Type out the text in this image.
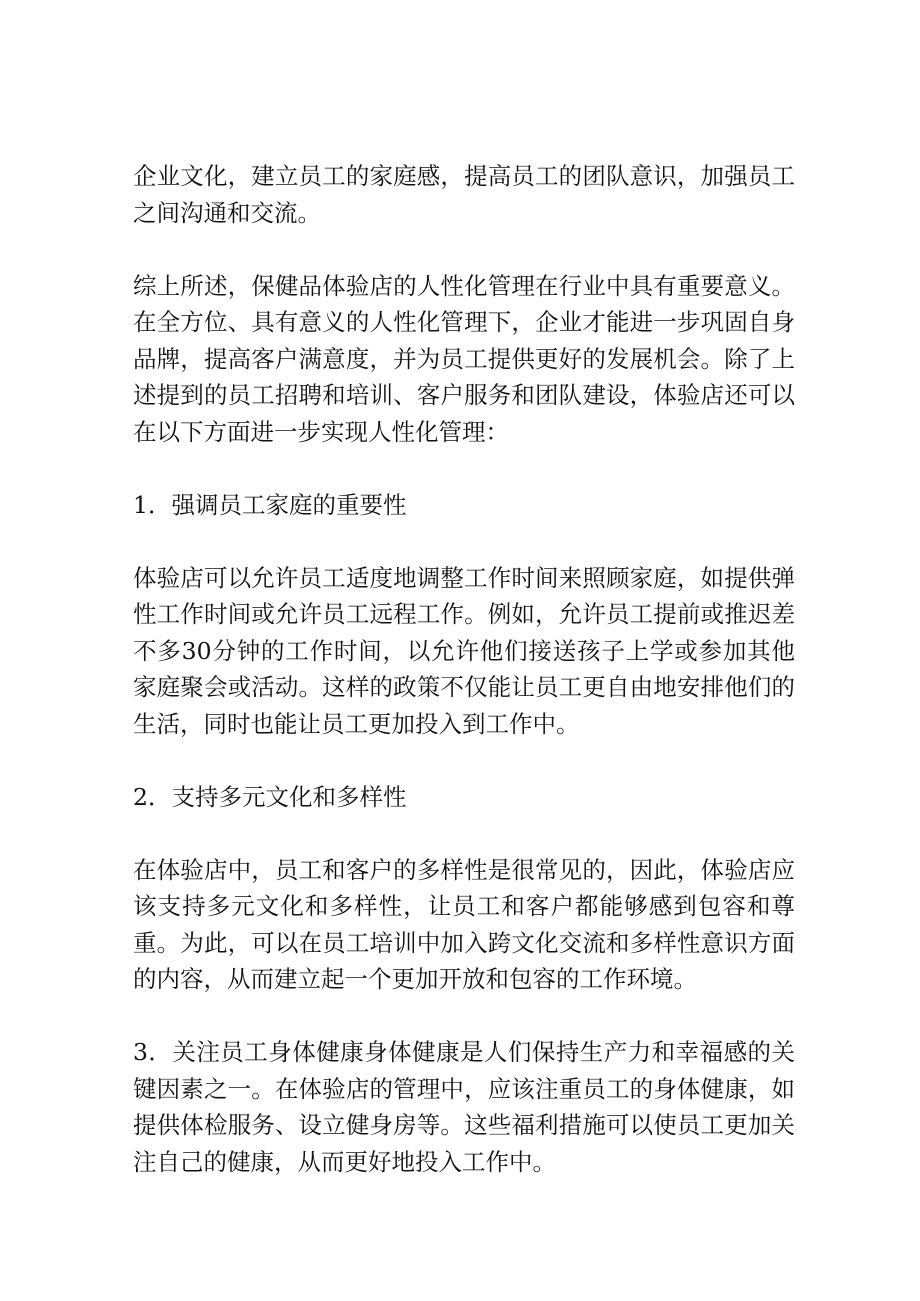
企业文化，建立员工的家庭感，提高员工的团队意识，加强员工之间沟通和交流。

综上所述，保健品体验店的人性化管理在行业中具有重要意义。在全方位、具有意义的人性化管理下，企业才能进一步巩固自身品牌，提高客户满意度，并为员工提供更好的发展机会。除了上述提到的员工招聘和培训、客户服务和团队建设，体验店还可以在以下方面进一步实现人性化管理：

1．强调员工家庭的重要性

体验店可以允许员工适度地调整工作时间来照顾家庭，如提供弹性工作时间或允许员工远程工作。例如，允许员工提前或推迟差不多30分钟的工作时间，以允许他们接送孩子上学或参加其他家庭聚会或活动。这样的政策不仅能让员工更自由地安排他们的生活，同时也能让员工更加投入到工作中。

2．支持多元文化和多样性

在体验店中，员工和客户的多样性是很常见的，因此，体验店应该支持多元文化和多样性，让员工和客户都能够感到包容和尊重。为此，可以在员工培训中加入跨文化交流和多样性意识方面的内容，从而建立起一个更加开放和包容的工作环境。

3．关注员工身体健康身体健康是人们保持生产力和幸福感的关键因素之一。在体验店的管理中，应该注重员工的身体健康，如提供体检服务、设立健身房等。这些福利措施可以使员工更加关注自己的健康，从而更好地投入工作中。
